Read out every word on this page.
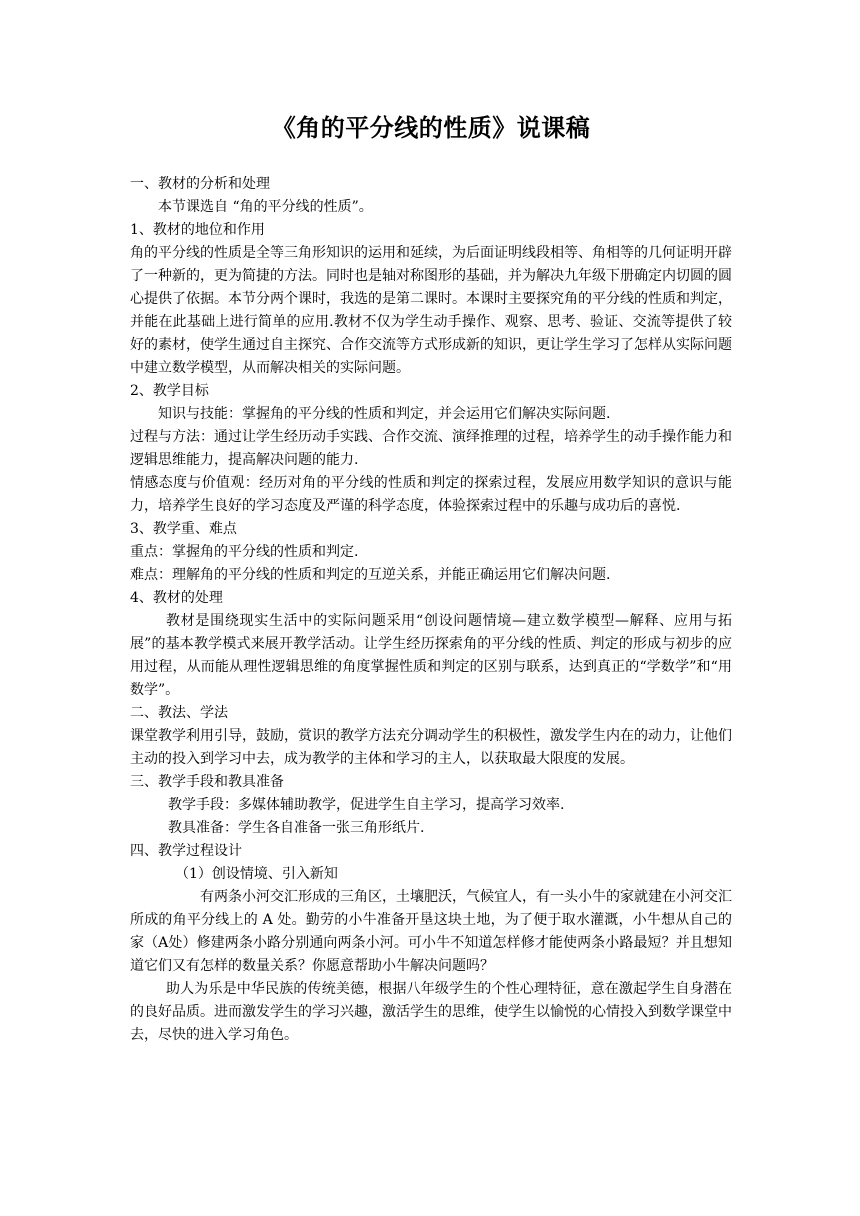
《角的平分线的性质》说课稿

一、教材的分析和处理

本节课选自 “角的平分线的性质”。

1、教材的地位和作用

角的平分线的性质是全等三角形知识的运用和延续，为后面证明线段相等、角相等的几何证明开辟了一种新的，更为简捷的方法。同时也是轴对称图形的基础，并为解决九年级下册确定内切圆的圆心提供了依据。本节分两个课时，我选的是第二课时。本课时主要探究角的平分线的性质和判定，并能在此基础上进行简单的应用.教材不仅为学生动手操作、观察、思考、验证、交流等提供了较好的素材，使学生通过自主探究、合作交流等方式形成新的知识，更让学生学习了怎样从实际问题中建立数学模型，从而解决相关的实际问题。

2、教学目标

知识与技能：掌握角的平分线的性质和判定，并会运用它们解决实际问题.

过程与方法：通过让学生经历动手实践、合作交流、演绎推理的过程，培养学生的动手操作能力和逻辑思维能力，提高解决问题的能力.

情感态度与价值观：经历对角的平分线的性质和判定的探索过程，发展应用数学知识的意识与能力，培养学生良好的学习态度及严谨的科学态度，体验探索过程中的乐趣与成功后的喜悦.

3、教学重、难点

重点：掌握角的平分线的性质和判定.

难点：理解角的平分线的性质和判定的互逆关系，并能正确运用它们解决问题.

4、教材的处理

教材是围绕现实生活中的实际问题采用“创设问题情境—建立数学模型—解释、应用与拓展”的基本教学模式来展开教学活动。让学生经历探索角的平分线的性质、判定的形成与初步的应用过程，从而能从理性逻辑思维的角度掌握性质和判定的区别与联系，达到真正的“学数学”和“用数学”。

二、教法、学法

课堂教学利用引导，鼓励，赏识的教学方法充分调动学生的积极性，激发学生内在的动力，让他们主动的投入到学习中去，成为教学的主体和学习的主人，以获取最大限度的发展。

三、教学手段和教具准备

教学手段：多媒体辅助教学，促进学生自主学习，提高学习效率.

教具准备：学生各自准备一张三角形纸片.

四、教学过程设计

（1）创设情境、引入新知

有两条小河交汇形成的三角区，土壤肥沃，气候宜人，有一头小牛的家就建在小河交汇所成的角平分线上的 A 处。勤劳的小牛准备开垦这块土地，为了便于取水灌溉，小牛想从自己的家（A处）修建两条小路分别通向两条小河。可小牛不知道怎样修才能使两条小路最短？并且想知道它们又有怎样的数量关系？你愿意帮助小牛解决问题吗？

助人为乐是中华民族的传统美德，根据八年级学生的个性心理特征，意在激起学生自身潜在的良好品质。进而激发学生的学习兴趣，激活学生的思维，使学生以愉悦的心情投入到数学课堂中去，尽快的进入学习角色。
